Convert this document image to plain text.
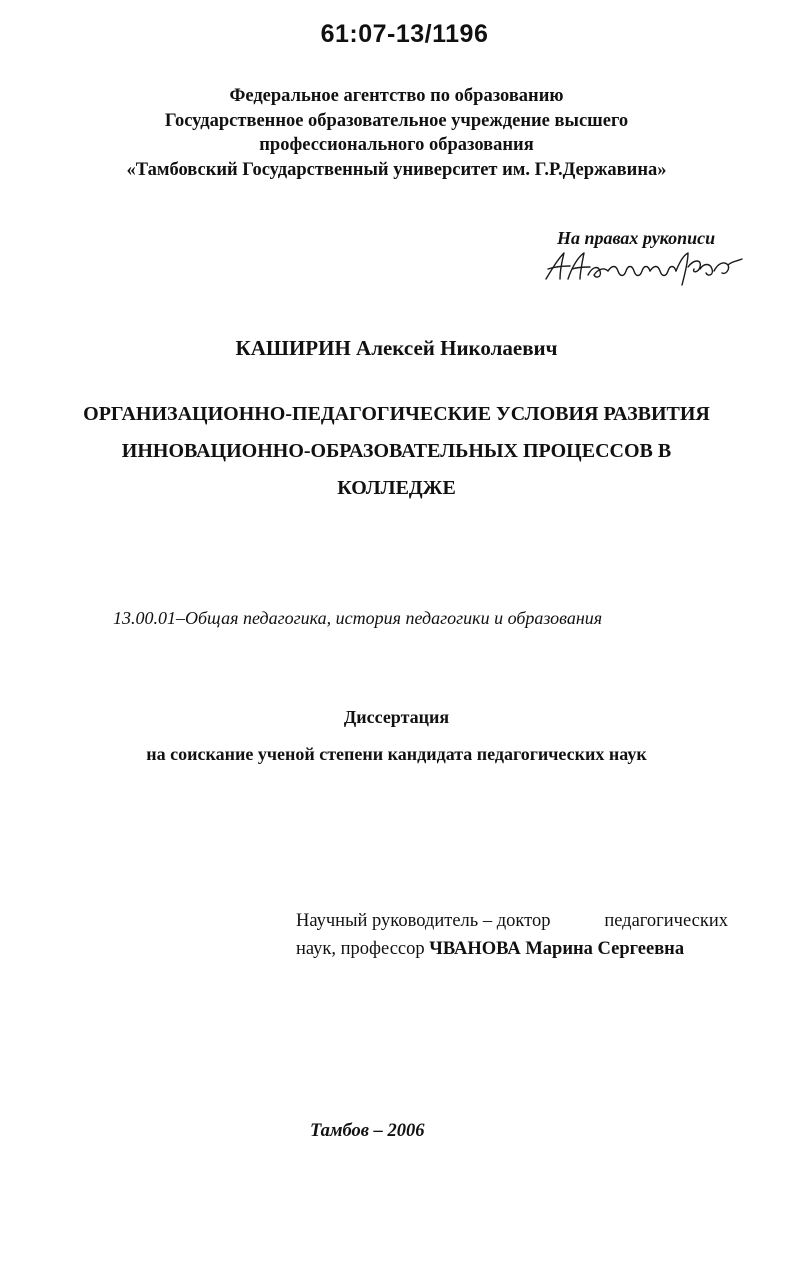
61:07-13/1196
Федеральное агентство по образованию
Государственное образовательное учреждение высшего
профессионального образования
«Тамбовский Государственный университет им. Г.Р.Державина»
На правах рукописи
КАШИРИН Алексей Николаевич
ОРГАНИЗАЦИОННО-ПЕДАГОГИЧЕСКИЕ УСЛОВИЯ РАЗВИТИЯ
ИННОВАЦИОННО-ОБРАЗОВАТЕЛЬНЫХ ПРОЦЕССОВ В
КОЛЛЕДЖЕ
13.00.01–Общая педагогика, история педагогики и образования
Диссертация
на соискание ученой степени кандидата педагогических наук
Научный руководитель – доктор	педагогических
наук, профессор ЧВАНОВА Марина Сергеевна
Тамбов – 2006
